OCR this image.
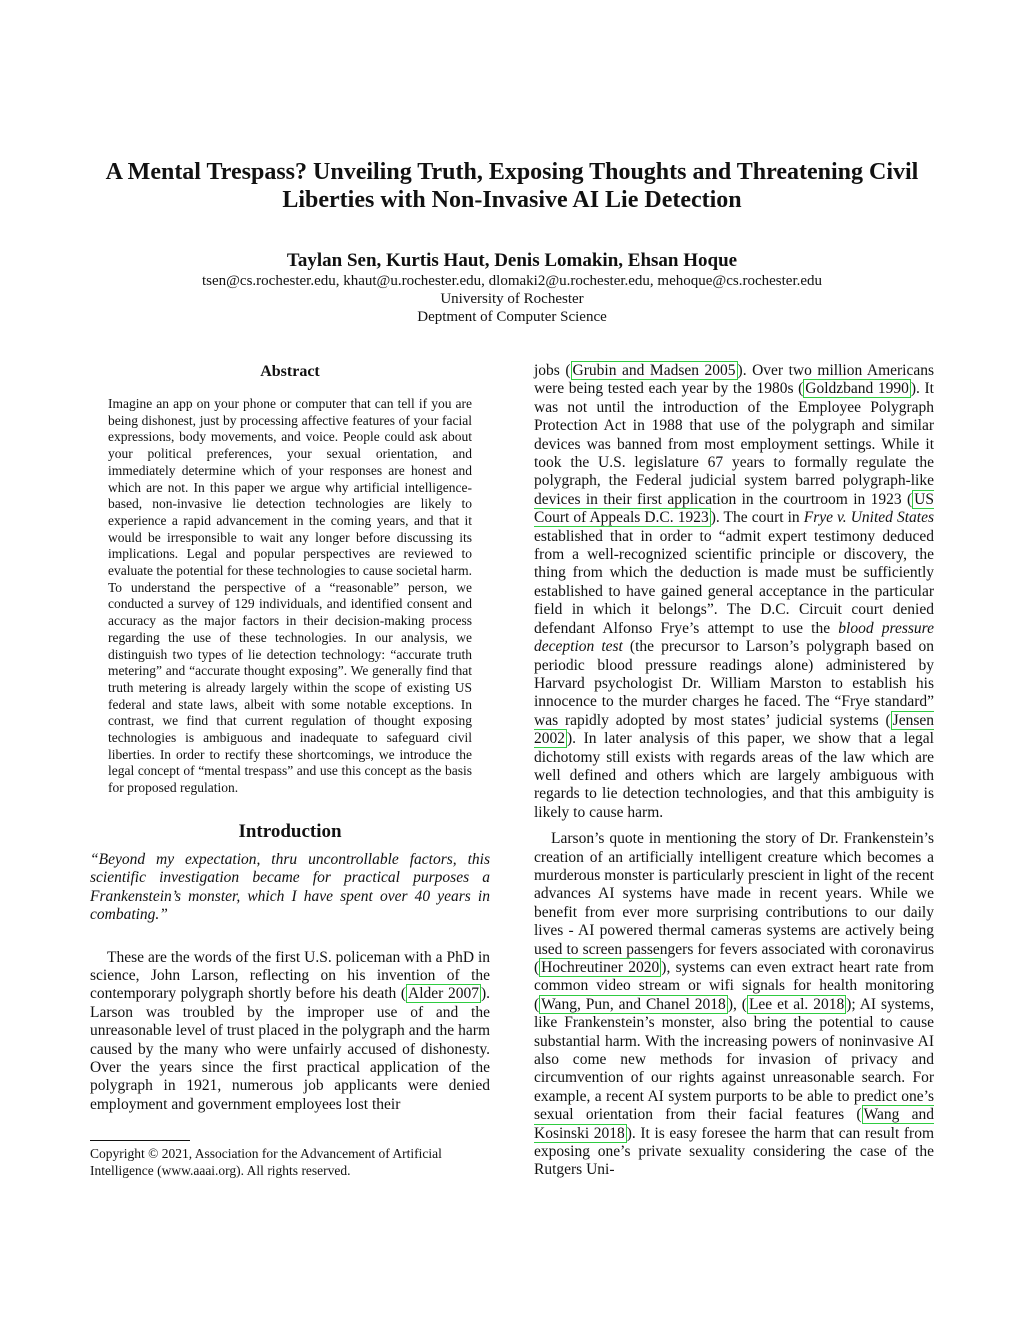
A Mental Trespass? Unveiling Truth, Exposing Thoughts and Threatening Civil Liberties with Non-Invasive AI Lie Detection
Taylan Sen, Kurtis Haut, Denis Lomakin, Ehsan Hoque
tsen@cs.rochester.edu, khaut@u.rochester.edu, dlomaki2@u.rochester.edu, mehoque@cs.rochester.edu
University of Rochester
Deptment of Computer Science
Abstract

Imagine an app on your phone or computer that can tell if you are being dishonest, just by processing affective features of your facial expressions, body movements, and voice. People could ask about your political preferences, your sexual orientation, and immediately determine which of your responses are honest and which are not. In this paper we argue why artificial intelligence-based, non-invasive lie detection technologies are likely to experience a rapid advancement in the coming years, and that it would be irresponsible to wait any longer before discussing its implications. Legal and popular perspectives are reviewed to evaluate the potential for these technologies to cause societal harm. To understand the perspective of a “reasonable” person, we conducted a survey of 129 individuals, and identified consent and accuracy as the major factors in their decision-making process regarding the use of these technologies. In our analysis, we distinguish two types of lie detection technology: “accurate truth metering” and “accurate thought exposing”. We generally find that truth metering is already largely within the scope of existing US federal and state laws, albeit with some notable exceptions. In contrast, we find that current regulation of thought exposing technologies is ambiguous and inadequate to safeguard civil liberties. In order to rectify these shortcomings, we introduce the legal concept of “mental trespass” and use this concept as the basis for proposed regulation.

Introduction

“Beyond my expectation, thru uncontrollable factors, this scientific investigation became for practical purposes a Frankenstein’s monster, which I have spent over 40 years in combating.”

These are the words of the first U.S. policeman with a PhD in science, John Larson, reflecting on his invention of the contemporary polygraph shortly before his death ( Alder 2007 ). Larson was troubled by the improper use of and the unreasonable level of trust placed in the polygraph and the harm caused by the many who were unfairly accused of dishonesty. Over the years since the first practical application of the polygraph in 1921, numerous job applicants were denied employment and government employees lost their

jobs ( Grubin and Madsen 2005 ). Over two million Americans were being tested each year by the 1980s ( Goldzband 1990 ). It was not until the introduction of the Employee Polygraph Protection Act in 1988 that use of the polygraph and similar devices was banned from most employment settings. While it took the U.S. legislature 67 years to formally regulate the polygraph, the Federal judicial system barred polygraph-like devices in their first application in the courtroom in 1923 ( US Court of Appeals D.C. 1923 ). The court in Frye v. United States established that in order to “admit expert testimony deduced from a well-recognized scientific principle or discovery, the thing from which the deduction is made must be sufficiently established to have gained general acceptance in the particular field in which it belongs”. The D.C. Circuit court denied defendant Alfonso Frye’s attempt to use the blood pressure deception test (the precursor to Larson’s polygraph based on periodic blood pressure readings alone) administered by Harvard psychologist Dr. William Marston to establish his innocence to the murder charges he faced. The “Frye standard” was rapidly adopted by most states’ judicial systems ( Jensen 2002 ). In later analysis of this paper, we show that a legal dichotomy still exists with regards areas of the law which are well defined and others which are largely ambiguous with regards to lie detection technologies, and that this ambiguity is likely to cause harm.

Larson’s quote in mentioning the story of Dr. Frankenstein’s creation of an artificially intelligent creature which becomes a murderous monster is particularly prescient in light of the recent advances AI systems have made in recent years. While we benefit from ever more surprising contributions to our daily lives - AI powered thermal cameras systems are actively being used to screen passengers for fevers associated with coronavirus ( Hochreutiner 2020 ), systems can even extract heart rate from common video stream or wifi signals for health monitoring ( Wang, Pun, and Chanel 2018 ), ( Lee et al. 2018 ); AI systems, like Frankenstein’s monster, also bring the potential to cause substantial harm. With the increasing powers of noninvasive AI also come new methods for invasion of privacy and circumvention of our rights against unreasonable search. For example, a recent AI system purports to be able to predict one’s sexual orientation from their facial features ( Wang and Kosinski 2018 ). It is easy foresee the harm that can result from exposing one’s private sexuality considering the case of the Rutgers Uni-

Copyright © 2021, Association for the Advancement of Artificial Intelligence (www.aaai.org). All rights reserved.
